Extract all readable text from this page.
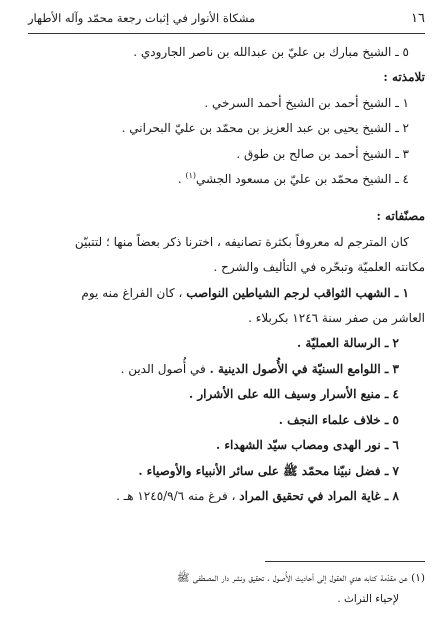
١٦
مشكاة الأنوار في إثبات رجعة محمّد وآله الأطهار
٥ ـ الشيخ مبارك بن عليّ بن عبدالله بن ناصر الجارودي .
تلامذته :
١ ـ الشيخ أحمد بن الشيخ أحمد السرخي .
٢ ـ الشيخ يحيى بن عبد العزيز بن محمّد بن عليّ البحراني .
٣ ـ الشيخ أحمد بن صالح بن طوق .
٤ ـ الشيخ محمّد بن عليّ بن مسعود الجشي$^{(١)}$ .
مصنّفاته :
كان المترجم له معروفاً بكثرة تصانيفه ، اخترنا ذكر بعضاً منها ؛ لتتبيّن
مكانته العلميّة وتبحّره في التأليف والشرح .
١ ـ الشهب الثواقب لرجم الشياطين النواصب ، كان الفراغ منه يوم
العاشر من صفر سنة ١٢٤٦ بكربلاء .
٢ ـ الرسالة العمليّة .
٣ ـ اللوامع السنيّة في الأُصول الدينية . في أُصول الدين .
٤ ـ منيع الأسرار وسيف الله على الأشرار .
٥ ـ خلاف علماء النجف .
٦ ـ نور الهدى ومصاب سيّد الشهداء .
٧ ـ فضل نبيّنا محمّد ﷺ على سائر الأنبياء والأوصياء .
٨ ـ غاية المراد في تحقيق المراد ، فرغ منه ١٢٤٥/٩/٦ هـ .
(١) عن مقدّمة كتابه هدي العقول إلى أحاديث الأُصول ، تحقيق ونشر دار المصطفى ﷺ
لإحياء التراث .
